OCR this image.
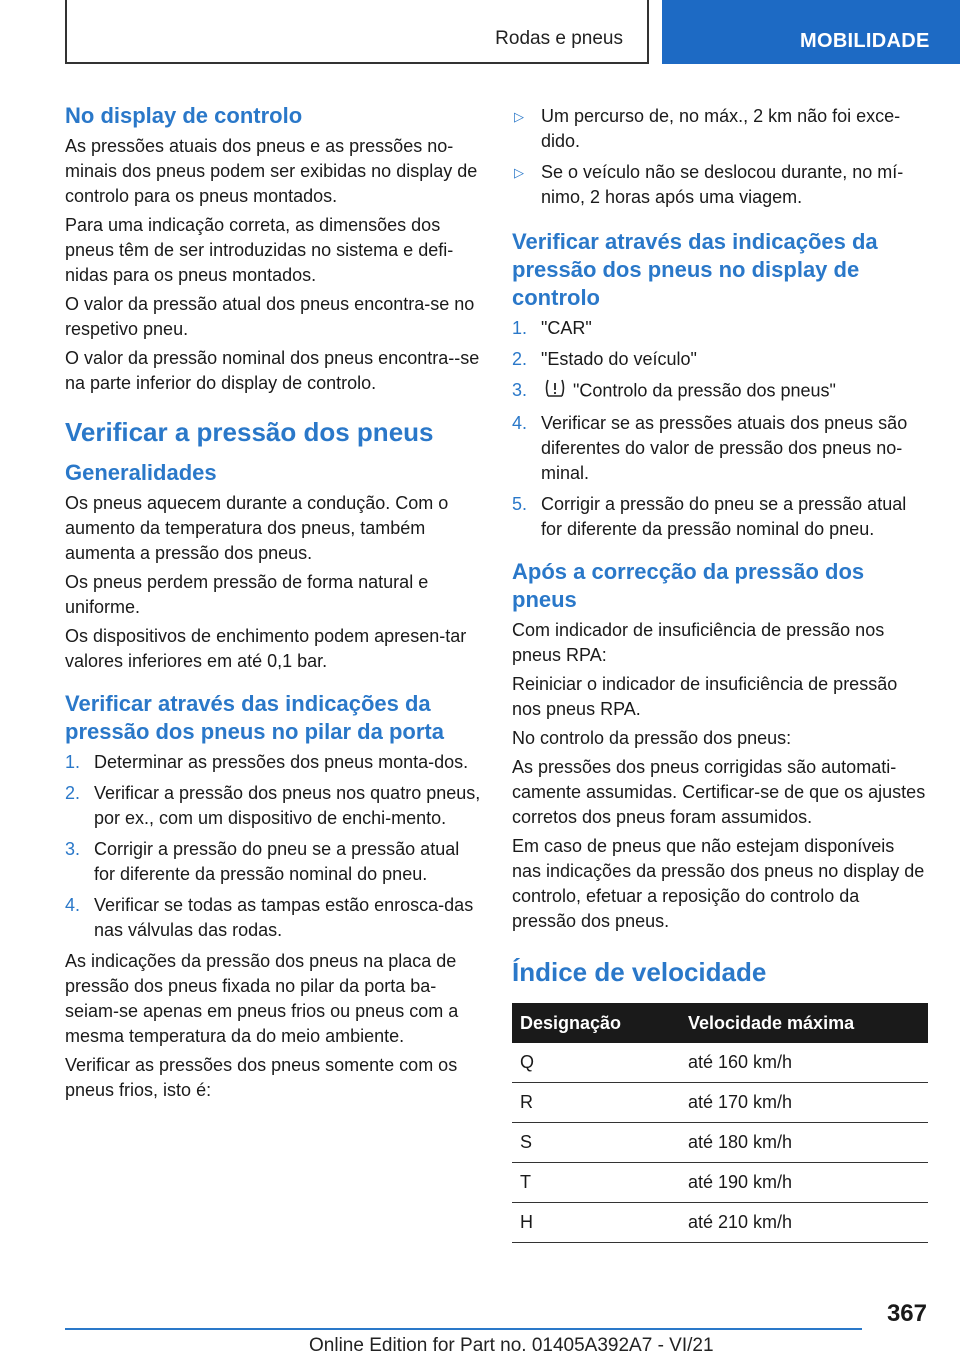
Rodas e pneus	MOBILIDADE
No display de controlo

As pressões atuais dos pneus e as pressões no-minais dos pneus podem ser exibidas no display de controlo para os pneus montados.

Para uma indicação correta, as dimensões dos pneus têm de ser introduzidas no sistema e defi-nidas para os pneus montados.

O valor da pressão atual dos pneus encontra-se no respetivo pneu.

O valor da pressão nominal dos pneus encontra--se na parte inferior do display de controlo.

Verificar a pressão dos pneus
Generalidades

Os pneus aquecem durante a condução. Com o aumento da temperatura dos pneus, também aumenta a pressão dos pneus.

Os pneus perdem pressão de forma natural e uniforme.

Os dispositivos de enchimento podem apresen-tar valores inferiores em até 0,1 bar.

Verificar através das indicações da pressão dos pneus no pilar da porta
1. Determinar as pressões dos pneus monta-dos.
2. Verificar a pressão dos pneus nos quatro pneus, por ex., com um dispositivo de enchi-mento.
3. Corrigir a pressão do pneu se a pressão atual for diferente da pressão nominal do pneu.
4. Verificar se todas as tampas estão enrosca-das nas válvulas das rodas.

As indicações da pressão dos pneus na placa de pressão dos pneus fixada no pilar da porta ba-seiam-se apenas em pneus frios ou pneus com a mesma temperatura da do meio ambiente.

Verificar as pressões dos pneus somente com os pneus frios, isto é:

▷ Um percurso de, no máx., 2 km não foi exce-dido.
▷ Se o veículo não se deslocou durante, no mí-nimo, 2 horas após uma viagem.
Verificar através das indicações da pressão dos pneus no display de controlo
1. "CAR"
2. "Estado do veículo"
3.	"Controlo da pressão dos pneus"
4. Verificar se as pressões atuais dos pneus são diferentes do valor de pressão dos pneus no-minal.
5. Corrigir a pressão do pneu se a pressão atual for diferente da pressão nominal do pneu.
Após a correcção da pressão dos pneus

Com indicador de insuficiência de pressão nos pneus RPA:

Reiniciar o indicador de insuficiência de pressão nos pneus RPA.

No controlo da pressão dos pneus:

As pressões dos pneus corrigidas são automati-camente assumidas. Certificar-se de que os ajustes corretos dos pneus foram assumidos.

Em caso de pneus que não estejam disponíveis nas indicações da pressão dos pneus no display de controlo, efetuar a reposição do controlo da pressão dos pneus.

Índice de velocidade
Designação	Velocidade máxima
Q	até 160 km/h
R	até 170 km/h
S	até 180 km/h
T	até 190 km/h
H	até 210 km/h
367
Online Edition for Part no. 01405A392A7 - VI/21
